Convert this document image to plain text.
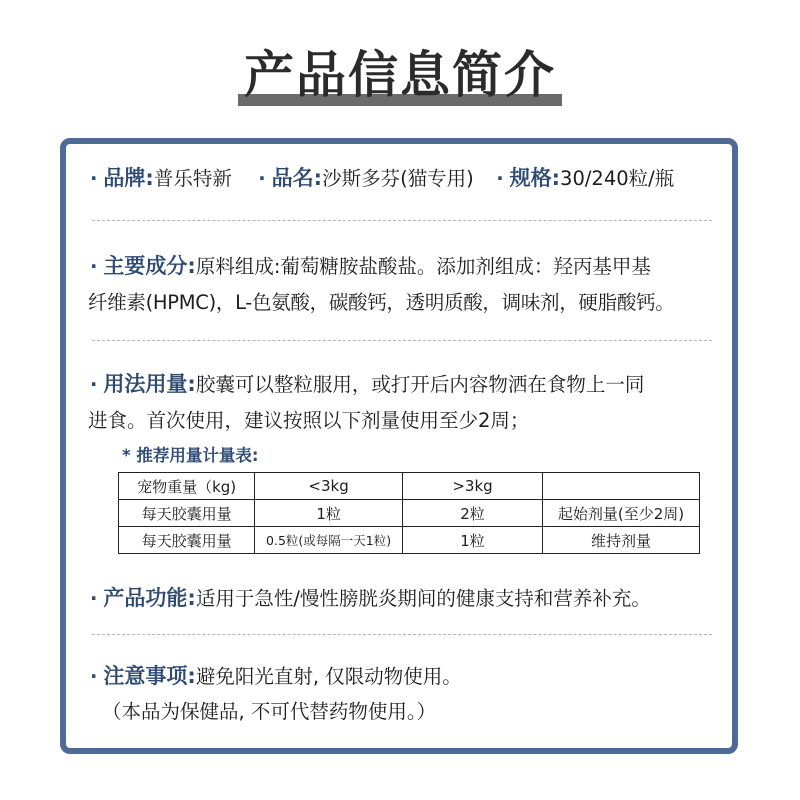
产品信息简介
· 品牌:普乐特新 · 品名:沙斯多芬(猫专用) · 规格:30/240粒/瓶
· 主要成分:原料组成:葡萄糖胺盐酸盐。添加剂组成：羟丙基甲基
纤维素(HPMC)，L-色氨酸，碳酸钙，透明质酸，调味剂，硬脂酸钙。
· 用法用量:胶囊可以整粒服用，或打开后内容物洒在食物上一同
进食。首次使用，建议按照以下剂量使用至少2周；
* 推荐用量计量表:
宠物重量（kg)	<3kg	>3kg	
每天胶囊用量	1粒	2粒	起始剂量(至少2周)
每天胶囊用量	0.5粒(或每隔一天1粒)	1粒	维持剂量
· 产品功能:适用于急性/慢性膀胱炎期间的健康支持和营养补充。
· 注意事项:避免阳光直射, 仅限动物使用。
（本品为保健品, 不可代替药物使用。）
